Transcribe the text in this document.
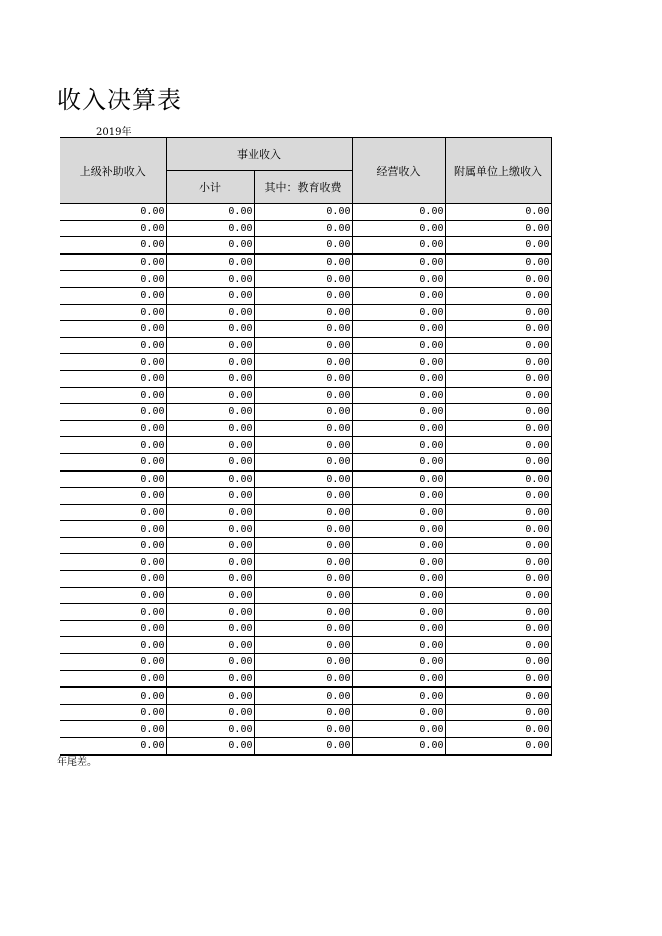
收入决算表
2019年
上级补助收入	事业收入		经营收入	附属单位上缴收入
	小计	其中：教育收费		
0.00	0.00	0.00	0.00	0.00
0.00	0.00	0.00	0.00	0.00
0.00	0.00	0.00	0.00	0.00
0.00	0.00	0.00	0.00	0.00
0.00	0.00	0.00	0.00	0.00
0.00	0.00	0.00	0.00	0.00
0.00	0.00	0.00	0.00	0.00
0.00	0.00	0.00	0.00	0.00
0.00	0.00	0.00	0.00	0.00
0.00	0.00	0.00	0.00	0.00
0.00	0.00	0.00	0.00	0.00
0.00	0.00	0.00	0.00	0.00
0.00	0.00	0.00	0.00	0.00
0.00	0.00	0.00	0.00	0.00
0.00	0.00	0.00	0.00	0.00
0.00	0.00	0.00	0.00	0.00
0.00	0.00	0.00	0.00	0.00
0.00	0.00	0.00	0.00	0.00
0.00	0.00	0.00	0.00	0.00
0.00	0.00	0.00	0.00	0.00
0.00	0.00	0.00	0.00	0.00
0.00	0.00	0.00	0.00	0.00
0.00	0.00	0.00	0.00	0.00
0.00	0.00	0.00	0.00	0.00
0.00	0.00	0.00	0.00	0.00
0.00	0.00	0.00	0.00	0.00
0.00	0.00	0.00	0.00	0.00
0.00	0.00	0.00	0.00	0.00
0.00	0.00	0.00	0.00	0.00
0.00	0.00	0.00	0.00	0.00
0.00	0.00	0.00	0.00	0.00
0.00	0.00	0.00	0.00	0.00
0.00	0.00	0.00	0.00	0.00
年尾差。
